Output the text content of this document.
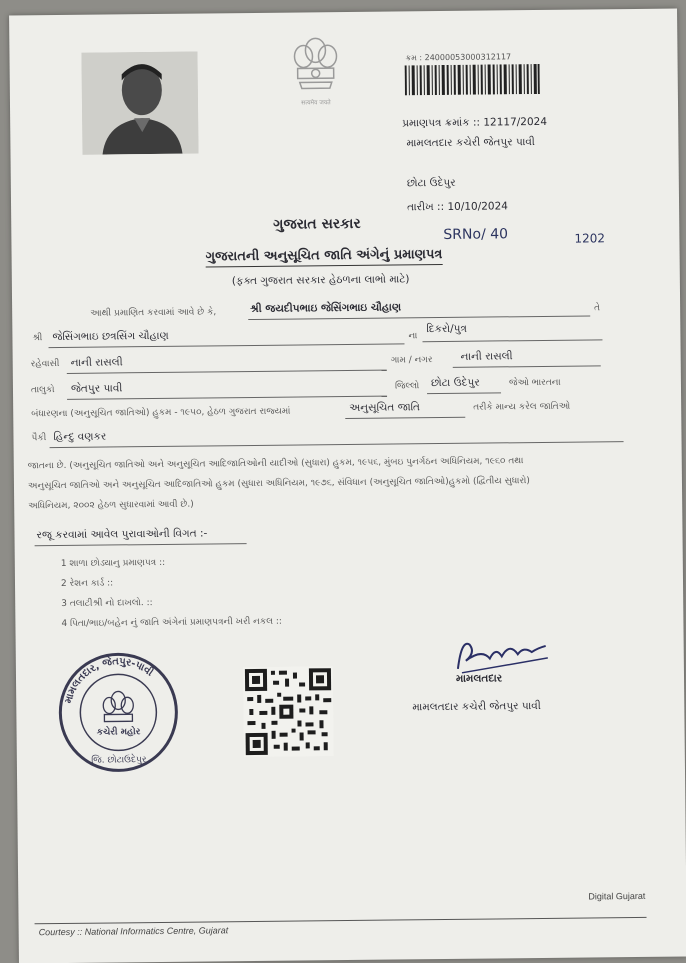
सत्यमेव जयते
ક્રમ : 24000053000312117
પ્રમાણપત્ર ક્રમાંક :: 12117/2024
મામલતદાર કચેરી જેતપુર પાવી
છોટા ઉદેપુર
તારીખ :: 10/10/2024
ગુજરાત સરકાર
SRNo/ 40	1202
ગુજરાતની અનુસૂચિત જાતિ અંગેનું પ્રમાણપત્ર
(ફક્ત ગુજરાત સરકાર હેઠળના લાભો માટે)
આથી પ્રમાણિત કરવામાં આવે છે કે,	શ્રી જયદીપભાઇ જેસિંગભાઇ ચૌહાણ	તે
શ્રી જેસિંગભાઇ છત્રસિંગ ચૌહાણ	ના
દિકરો/પુત્ર
રહેવાસી નાની રાસલી	ગામ / નગર	નાની રાસલી
તાલુકો જેતપુર પાવી	જિલ્લો છોટા ઉદેપુર	જેઓ ભારતના
બંધારણના (અનુસૂચિત જાતિઓ) હુકમ - ૧૯૫૦, હેઠળ ગુજરાત રાજ્યમાં	અનુસૂચિત જાતિ	તરીકે માન્ય કરેલ જાતિઓ
પૈકી હિન્દુ વણકર
જાતના છે. (અનુસૂચિત જાતિઓ અને અનુસૂચિત આદિજાતિઓની યાદીઓ (સુધારા) હુકમ, ૧૯૫૬, મુંબઇ પુનર્ગઠન અધિનિયમ, ૧૯૬૦ તથા
અનુસૂચિત જાતિઓ અને અનુસૂચિત આદિજાતિઓ હુકમ (સુધારા અધિનિયમ, ૧૯૭૬, સંવિધાન (અનુસૂચિત જાતિઓ)હુકમો (દ્વિતીય સુધારો)
અધિનિયમ, ૨૦૦૨ હેઠળ સુધારવામાં આવી છે.)
રજૂ કરવામાં આવેલ પુરાવાઓની વિગત :-
1 શાળા છોડ્યાનુ પ્રમાણપત્ર ::
2 રેશન કાર્ડ ::
3 તલાટીશ્રી નો દાખલો. ::
4 પિતા/ભાઇ/બહેન નું જાતિ અંગેનાં પ્રમાણપત્રની ખરી નકલ ::
મામલતદાર, જેતપુર-પાવી
કચેરી મહોર
જિ. છોટાઉદેપુર
મામલતદાર
મામલતદાર કચેરી જેતપુર પાવી
Digital Gujarat
Courtesy :: National Informatics Centre, Gujarat
